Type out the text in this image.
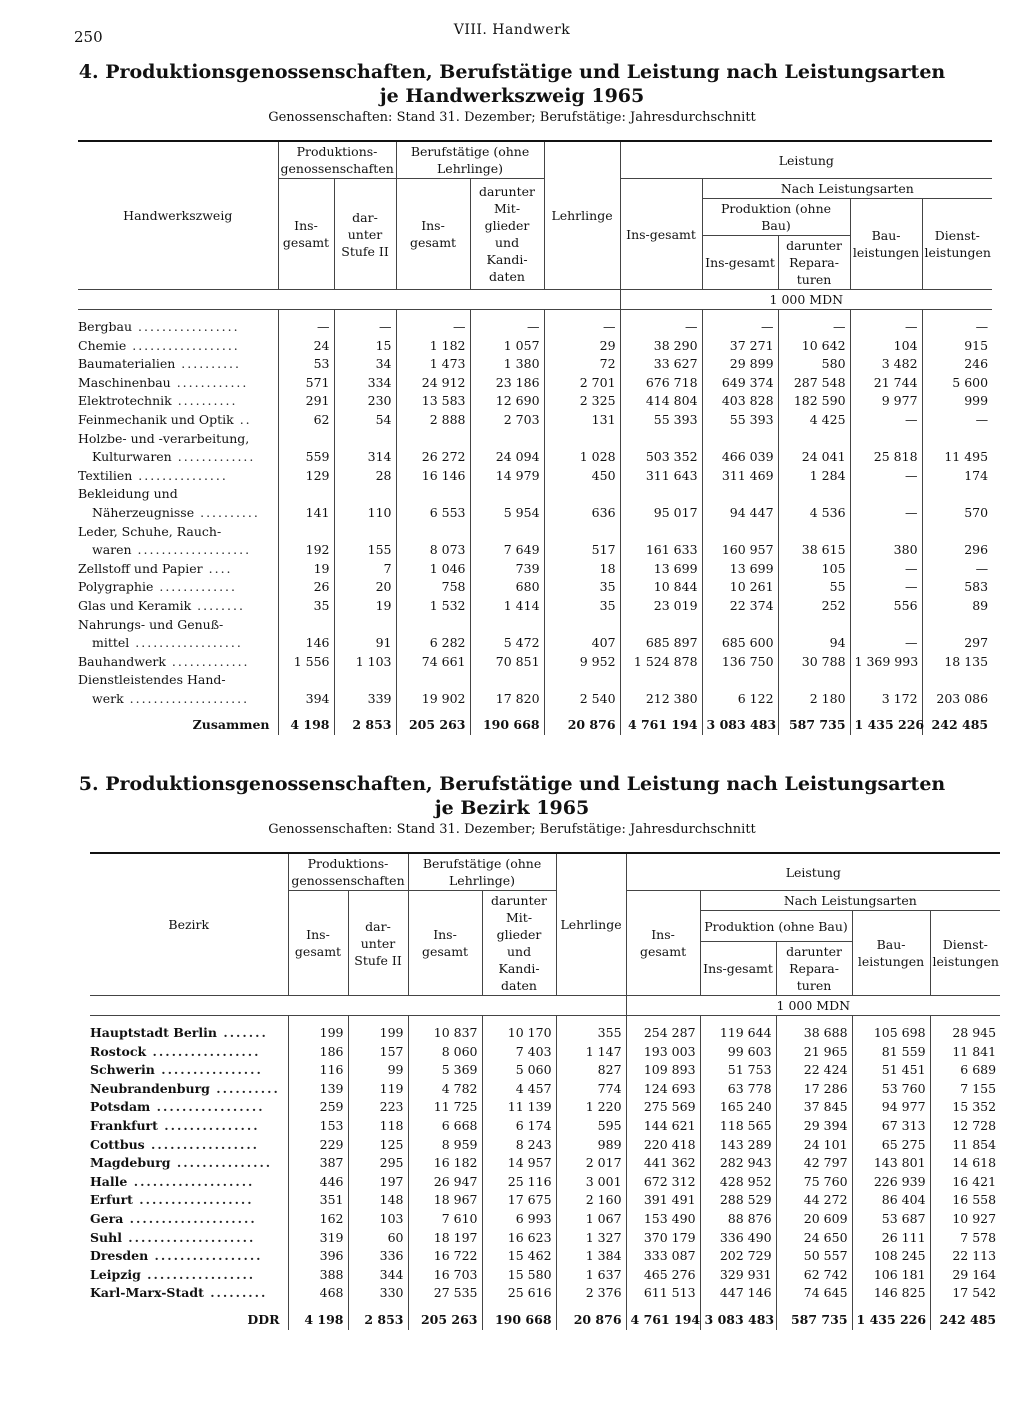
250	VIII. Handwerk
4. Produktionsgenossenschaften, Berufstätige und Leistung nach Leistungsarten
je Handwerkszweig 1965
Genossenschaften: Stand 31. Dezember; Berufstätige: Jahresdurchschnitt
Handwerkszweig	Produktions-genossenschaften		Berufstätige (ohne Lehrlinge)		Lehrlinge	Leistung				
	Ins-gesamt	dar-unter Stufe II	Ins-gesamt	darunter Mit-glieder und Kandi-daten		Ins-gesamt	Nach Leistungsarten			
							Produktion (ohne Bau)		Bau-leistungen	Dienst-leistungen
							Ins-gesamt	darunter Repara-turen		
						1 000 MDN				

Bergbau .................	—	—	—	—	—	—	—	—	—	—

Chemie ..................	24	15	1 182	1 057	29	38 290	37 271	10 642	104	915

Baumaterialien ..........	53	34	1 473	1 380	72	33 627	29 899	580	3 482	246

Maschinenbau ............	571	334	24 912	23 186	2 701	676 718	649 374	287 548	21 744	5 600

Elektrotechnik ..........	291	230	13 583	12 690	2 325	414 804	403 828	182 590	9 977	999

Feinmechanik und Optik ..	62	54	2 888	2 703	131	55 393	55 393	4 425	—	—

Holzbe- und -verarbeitung,
Kulturwaren .............	559	314	26 272	24 094	1 028	503 352	466 039	24 041	25 818	11 495

Textilien ...............	129	28	16 146	14 979	450	311 643	311 469	1 284	—	174

Bekleidung und
Näherzeugnisse ..........	141	110	6 553	5 954	636	95 017	94 447	4 536	—	570

Leder, Schuhe, Rauch-
waren ...................	192	155	8 073	7 649	517	161 633	160 957	38 615	380	296

Zellstoff und Papier ....	19	7	1 046	739	18	13 699	13 699	105	—	—

Polygraphie .............	26	20	758	680	35	10 844	10 261	55	—	583

Glas und Keramik ........	35	19	1 532	1 414	35	23 019	22 374	252	556	89

Nahrungs- und Genuß-
mittel ..................	146	91	6 282	5 472	407	685 897	685 600	94	—	297

Bauhandwerk .............	1 556	1 103	74 661	70 851	9 952	1 524 878	136 750	30 788	1 369 993	18 135

Dienstleistendes Hand-
werk ....................	394	339	19 902	17 820	2 540	212 380	6 122	2 180	3 172	203 086

Zusammen	4 198	2 853	205 263	190 668	20 876	4 761 194	3 083 483	587 735	1 435 226	242 485
5. Produktionsgenossenschaften, Berufstätige und Leistung nach Leistungsarten
je Bezirk 1965
Genossenschaften: Stand 31. Dezember; Berufstätige: Jahresdurchschnitt
Bezirk	Produktions-genossenschaften		Berufstätige (ohne Lehrlinge)		Lehrlinge	Leistung				
	Ins-gesamt	dar-unter Stufe II	Ins-gesamt	darunter Mit-glieder und Kandi-daten		Ins-gesamt	Nach Leistungsarten			
							Produktion (ohne Bau)		Bau-leistungen	Dienst-leistungen
							Ins-gesamt	darunter Repara-turen		
						1 000 MDN				

Hauptstadt Berlin .......	199	199	10 837	10 170	355	254 287	119 644	38 688	105 698	28 945

Rostock .................	186	157	8 060	7 403	1 147	193 003	99 603	21 965	81 559	11 841

Schwerin ................	116	99	5 369	5 060	827	109 893	51 753	22 424	51 451	6 689

Neubrandenburg ..........	139	119	4 782	4 457	774	124 693	63 778	17 286	53 760	7 155

Potsdam .................	259	223	11 725	11 139	1 220	275 569	165 240	37 845	94 977	15 352

Frankfurt ...............	153	118	6 668	6 174	595	144 621	118 565	29 394	67 313	12 728

Cottbus .................	229	125	8 959	8 243	989	220 418	143 289	24 101	65 275	11 854

Magdeburg ...............	387	295	16 182	14 957	2 017	441 362	282 943	42 797	143 801	14 618

Halle ...................	446	197	26 947	25 116	3 001	672 312	428 952	75 760	226 939	16 421

Erfurt ..................	351	148	18 967	17 675	2 160	391 491	288 529	44 272	86 404	16 558

Gera ....................	162	103	7 610	6 993	1 067	153 490	88 876	20 609	53 687	10 927

Suhl ....................	319	60	18 197	16 623	1 327	370 179	336 490	24 650	26 111	7 578

Dresden .................	396	336	16 722	15 462	1 384	333 087	202 729	50 557	108 245	22 113

Leipzig .................	388	344	16 703	15 580	1 637	465 276	329 931	62 742	106 181	29 164

Karl-Marx-Stadt .........	468	330	27 535	25 616	2 376	611 513	447 146	74 645	146 825	17 542

DDR	4 198	2 853	205 263	190 668	20 876	4 761 194	3 083 483	587 735	1 435 226	242 485
